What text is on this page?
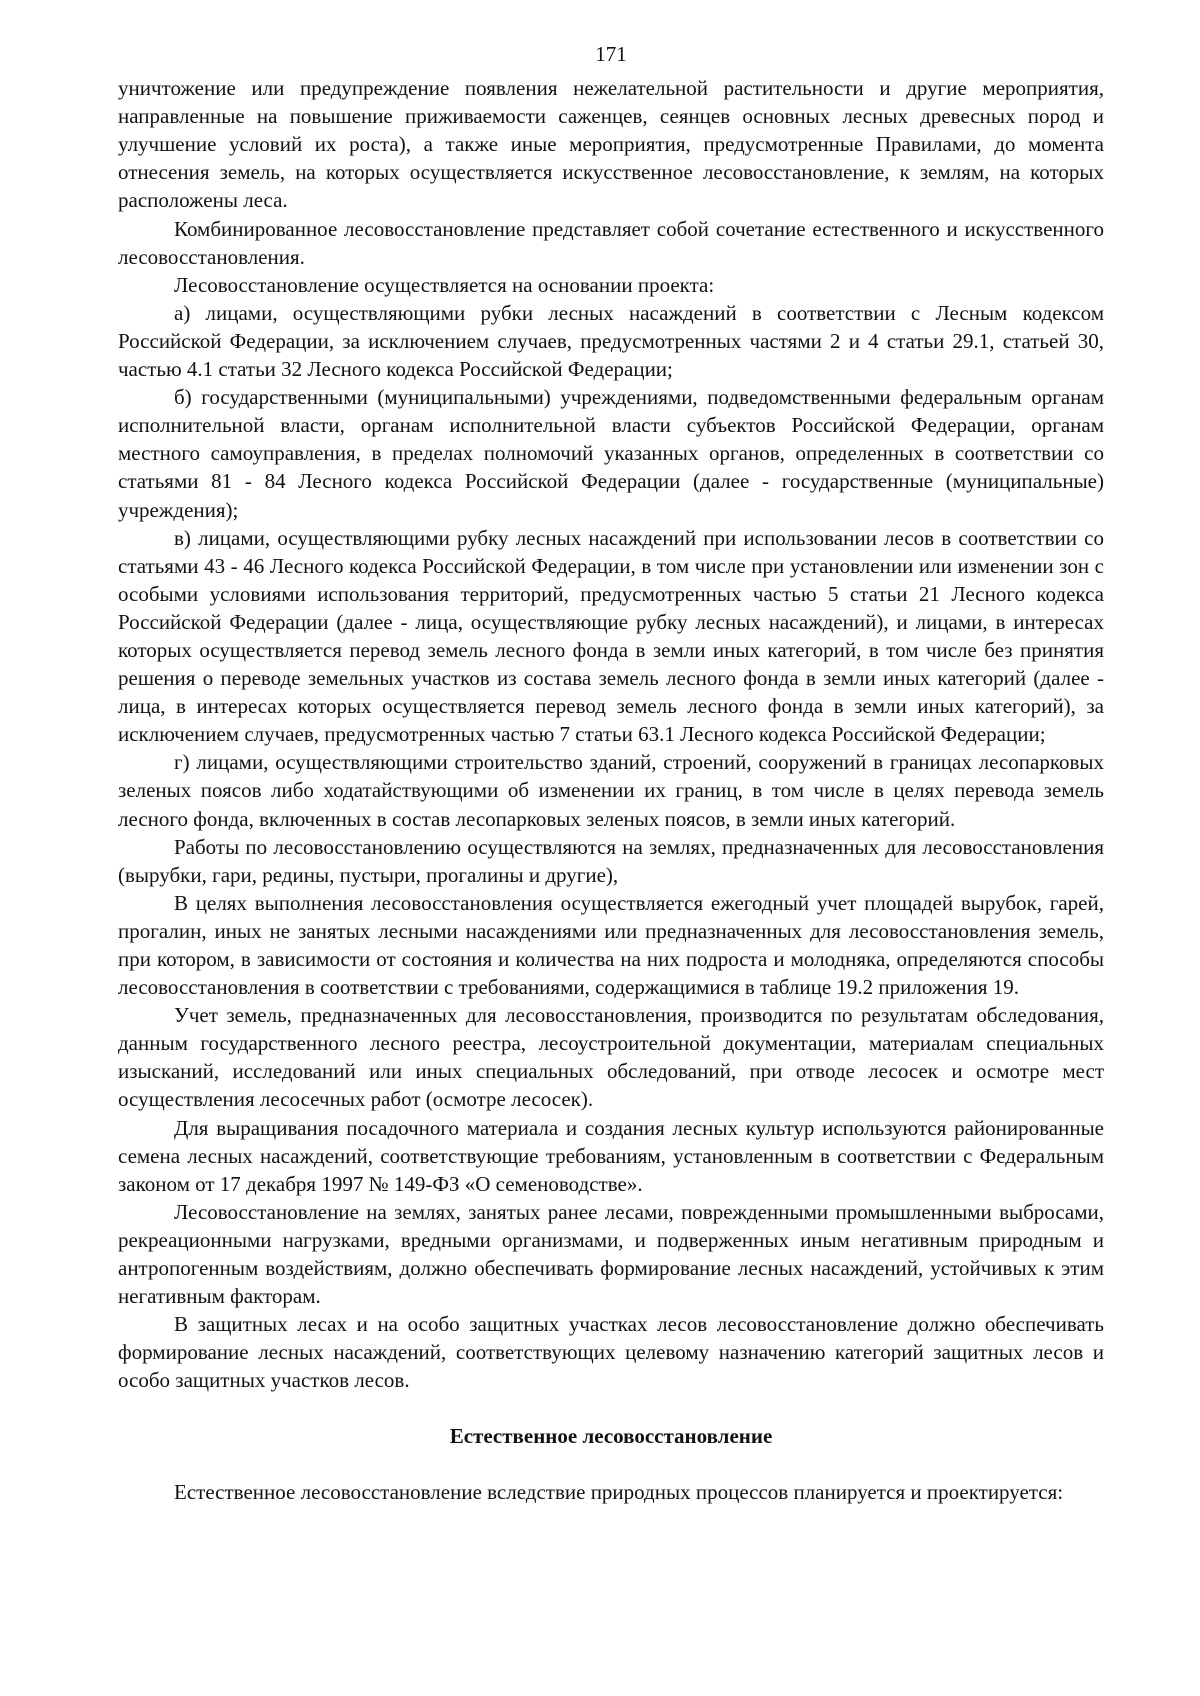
171

уничтожение или предупреждение появления нежелательной растительности и другие мероприятия, направленные на повышение приживаемости саженцев, сеянцев основных лесных древесных пород и улучшение условий их роста), а также иные мероприятия, предусмотренные Правилами, до момента отнесения земель, на которых осуществляется искусственное лесовосстановление, к землям, на которых расположены леса.

Комбинированное лесовосстановление представляет собой сочетание естественного и искусственного лесовосстановления.

Лесовосстановление осуществляется на основании проекта:

а) лицами, осуществляющими рубки лесных насаждений в соответствии с Лесным кодексом Российской Федерации, за исключением случаев, предусмотренных частями 2 и 4 статьи 29.1, статьей 30, частью 4.1 статьи 32 Лесного кодекса Российской Федерации;

б) государственными (муниципальными) учреждениями, подведомственными федеральным органам исполнительной власти, органам исполнительной власти субъектов Российской Федерации, органам местного самоуправления, в пределах полномочий указанных органов, определенных в соответствии со статьями 81 - 84 Лесного кодекса Российской Федерации (далее - государственные (муниципальные) учреждения);

в) лицами, осуществляющими рубку лесных насаждений при использовании лесов в соответствии со статьями 43 - 46 Лесного кодекса Российской Федерации, в том числе при установлении или изменении зон с особыми условиями использования территорий, предусмотренных частью 5 статьи 21 Лесного кодекса Российской Федерации (далее - лица, осуществляющие рубку лесных насаждений), и лицами, в интересах которых осуществляется перевод земель лесного фонда в земли иных категорий, в том числе без принятия решения о переводе земельных участков из состава земель лесного фонда в земли иных категорий (далее - лица, в интересах которых осуществляется перевод земель лесного фонда в земли иных категорий), за исключением случаев, предусмотренных частью 7 статьи 63.1 Лесного кодекса Российской Федерации;

г) лицами, осуществляющими строительство зданий, строений, сооружений в границах лесопарковых зеленых поясов либо ходатайствующими об изменении их границ, в том числе в целях перевода земель лесного фонда, включенных в состав лесопарковых зеленых поясов, в земли иных категорий.

Работы по лесовосстановлению осуществляются на землях, предназначенных для лесовосстановления (вырубки, гари, редины, пустыри, прогалины и другие),

В целях выполнения лесовосстановления осуществляется ежегодный учет площадей вырубок, гарей, прогалин, иных не занятых лесными насаждениями или предназначенных для лесовосстановления земель, при котором, в зависимости от состояния и количества на них подроста и молодняка, определяются способы лесовосстановления в соответствии с требованиями, содержащимися в таблице 19.2 приложения 19.

Учет земель, предназначенных для лесовосстановления, производится по результатам обследования, данным государственного лесного реестра, лесоустроительной документации, материалам специальных изысканий, исследований или иных специальных обследований, при отводе лесосек и осмотре мест осуществления лесосечных работ (осмотре лесосек).

Для выращивания посадочного материала и создания лесных культур используются районированные семена лесных насаждений, соответствующие требованиям, установленным в соответствии с Федеральным законом от 17 декабря 1997 № 149-ФЗ «О семеноводстве».

Лесовосстановление на землях, занятых ранее лесами, поврежденными промышленными выбросами, рекреационными нагрузками, вредными организмами, и подверженных иным негативным природным и антропогенным воздействиям, должно обеспечивать формирование лесных насаждений, устойчивых к этим негативным факторам.

В защитных лесах и на особо защитных участках лесов лесовосстановление должно обеспечивать формирование лесных насаждений, соответствующих целевому назначению категорий защитных лесов и особо защитных участков лесов.

Естественное лесовосстановление

Естественное лесовосстановление вследствие природных процессов планируется и проектируется:
